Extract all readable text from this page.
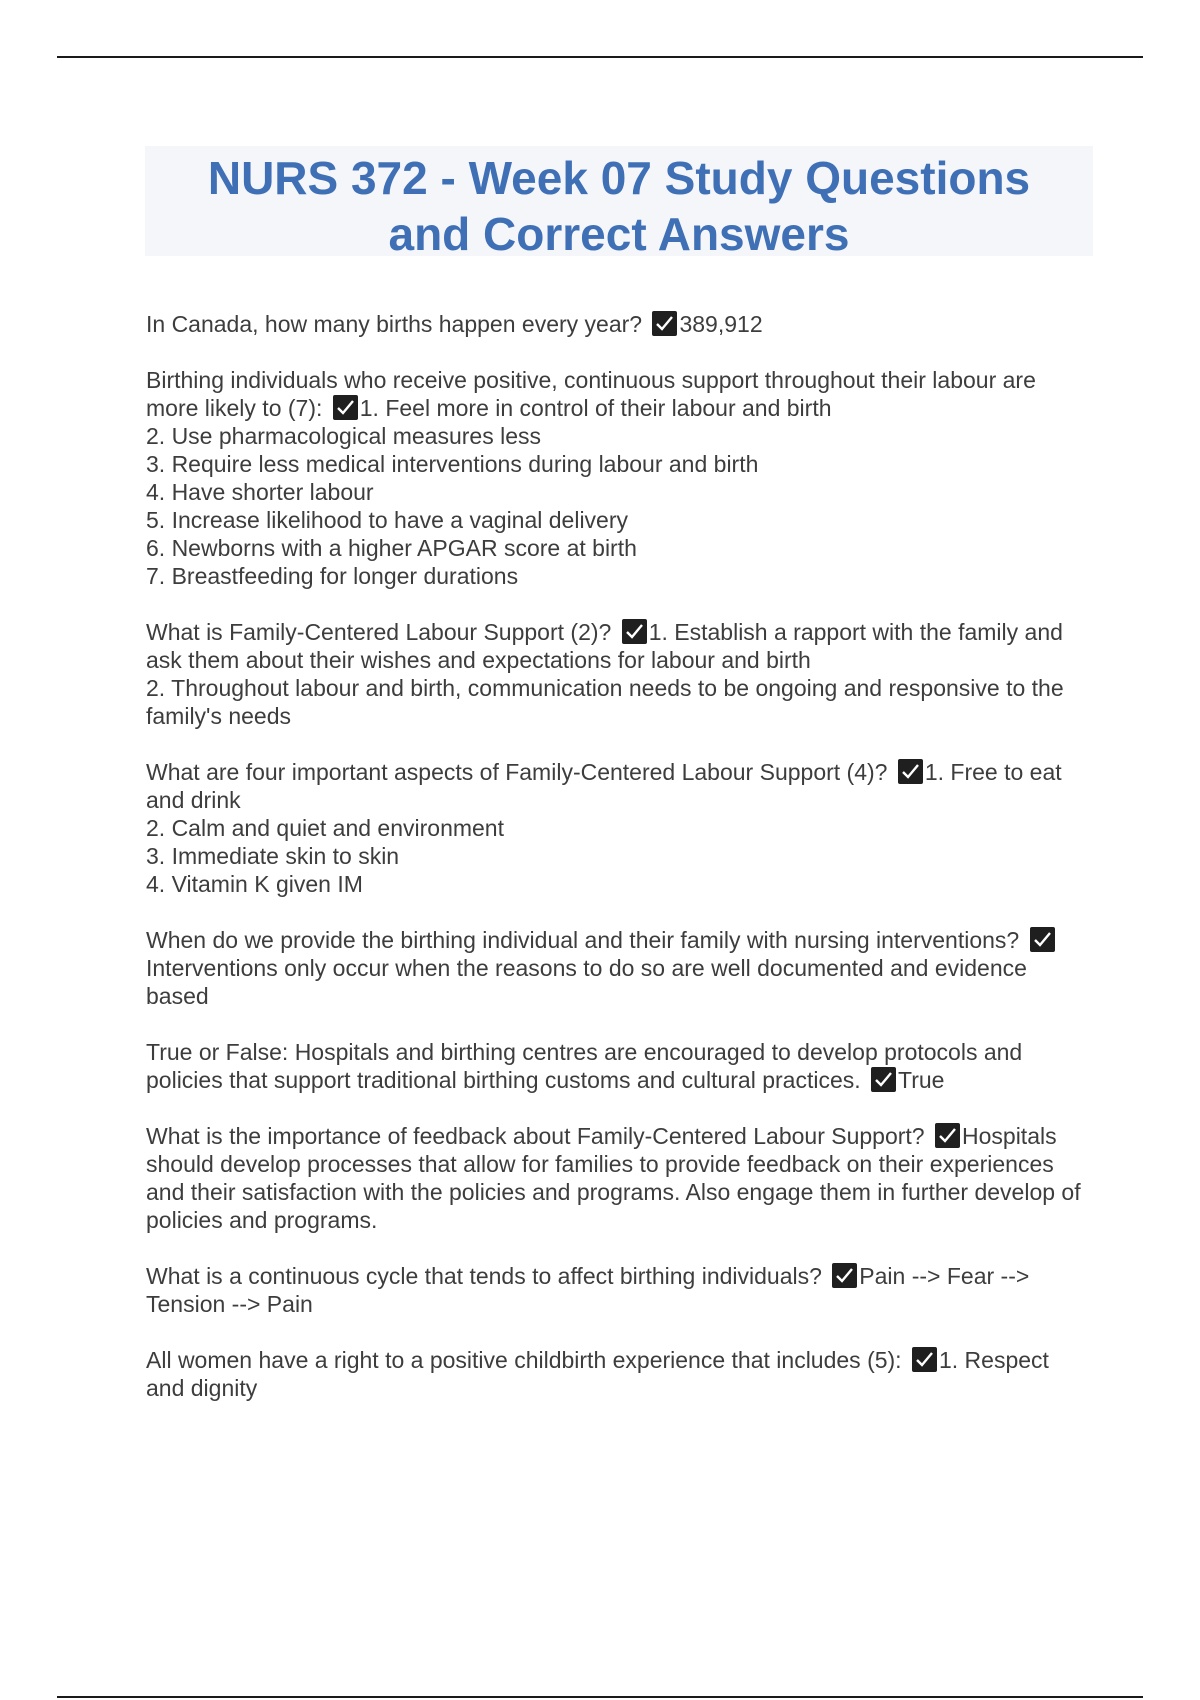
NURS 372 - Week 07 Study Questions
and Correct Answers

In Canada, how many births happen every year? 389,912

Birthing individuals who receive positive, continuous support throughout their labour are more likely to (7): 1. Feel more in control of their labour and birth
2. Use pharmacological measures less
3. Require less medical interventions during labour and birth
4. Have shorter labour
5. Increase likelihood to have a vaginal delivery
6. Newborns with a higher APGAR score at birth
7. Breastfeeding for longer durations

What is Family-Centered Labour Support (2)? 1. Establish a rapport with the family and ask them about their wishes and expectations for labour and birth
2. Throughout labour and birth, communication needs to be ongoing and responsive to the family's needs

What are four important aspects of Family-Centered Labour Support (4)? 1. Free to eat and drink
2. Calm and quiet and environment
3. Immediate skin to skin
4. Vitamin K given IM

When do we provide the birthing individual and their family with nursing interventions?
Interventions only occur when the reasons to do so are well documented and evidence based

True or False: Hospitals and birthing centres are encouraged to develop protocols and policies that support traditional birthing customs and cultural practices. True

What is the importance of feedback about Family-Centered Labour Support? Hospitals should develop processes that allow for families to provide feedback on their experiences and their satisfaction with the policies and programs. Also engage them in further develop of policies and programs.

What is a continuous cycle that tends to affect birthing individuals? Pain --> Fear --> Tension --> Pain

All women have a right to a positive childbirth experience that includes (5): 1. Respect and dignity
